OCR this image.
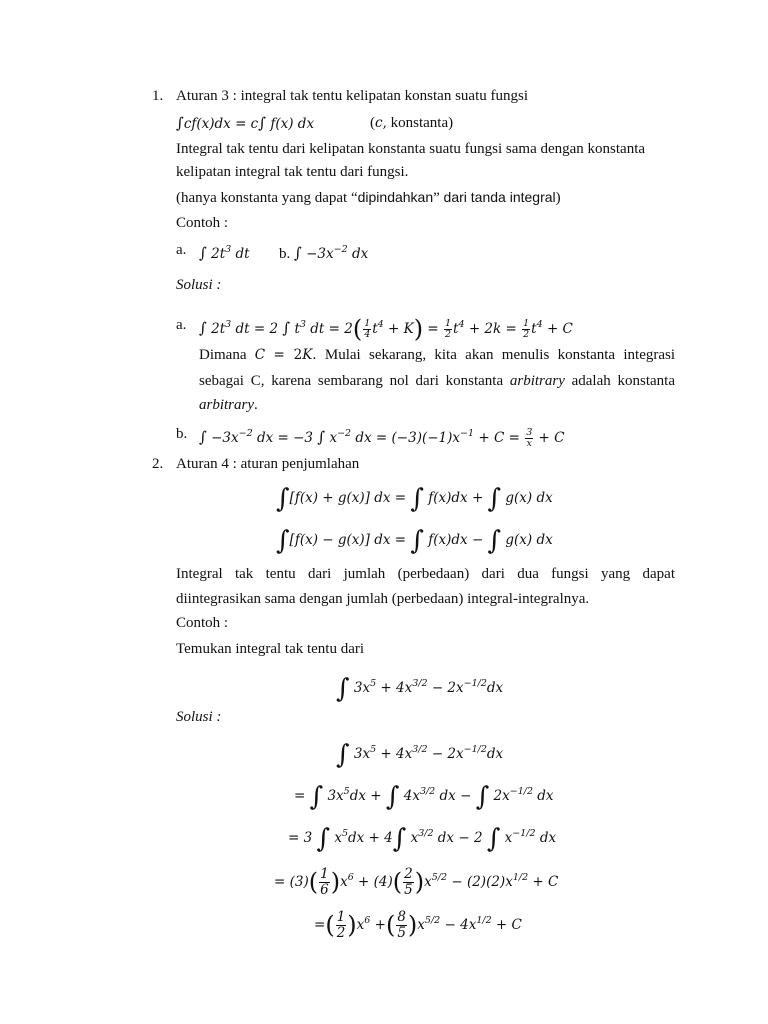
1. Aturan 3 : integral tak tentu kelipatan konstan suatu fungsi
∫cf(x)dx = c∫ f(x) dx	(c, konstanta)
Integral tak tentu dari kelipatan konstanta suatu fungsi sama dengan konstanta
kelipatan integral tak tentu dari fungsi.
(hanya konstanta yang dapat “dipindahkan” dari tanda integral)
Contoh :
a. ∫ $2t^3$ dt b. ∫ $-3x^{-2}$ dx
Solusi :
a. ∫ $2t^3$ dt = 2 ∫ $t^3$ dt = $2( \frac{1}{4} t^4 + K) = \frac{1}{2} t^4 + 2k = \frac{1}{2} t^4 + C$
Dimana C = 2K. Mulai sekarang, kita akan menulis konstanta integrasi
sebagai C, karena sembarang nol dari konstanta arbitrary adalah konstanta
arbitrary.
b. ∫ $-3x^{-2}$ dx = −3 ∫ $x^{-2}$ dx = $(-3)(-1)x^{-1} + C = \frac{3}{x} + C$
2. Aturan 4 : aturan penjumlahan
∫[f(x) + g(x)] dx = ∫ f(x)dx + ∫ g(x) dx
∫[f(x) − g(x)] dx = ∫ f(x)dx − ∫ g(x) dx
Integral tak tentu dari jumlah (perbedaan) dari dua fungsi yang dapat
diintegrasikan sama dengan jumlah (perbedaan) integral-integralnya.
Contoh :
Temukan integral tak tentu dari
∫ $3x^5 + 4x^{3/2} - 2x^{-1/2}dx$
Solusi :
∫ $3x^5 + 4x^{3/2} - 2x^{-1/2}dx$
= ∫ $3x^5dx$ + ∫ $4x^{3/2}$ dx − ∫ $2x^{-1/2}$ dx
= 3 ∫ $x^5dx + 4\int$ $x^{3/2}$ dx − 2 ∫ $x^{-1/2}$ dx
= $(3)( \frac{1}{6} )x^6 + (4)( \frac{2}{5} )x^{5/2} - (2)(2)x^{1/2} + C$
=( $\frac{1}{2} )x^6$ +( $\frac{8}{5} )x^{5/2} - 4x^{1/2} + C$
